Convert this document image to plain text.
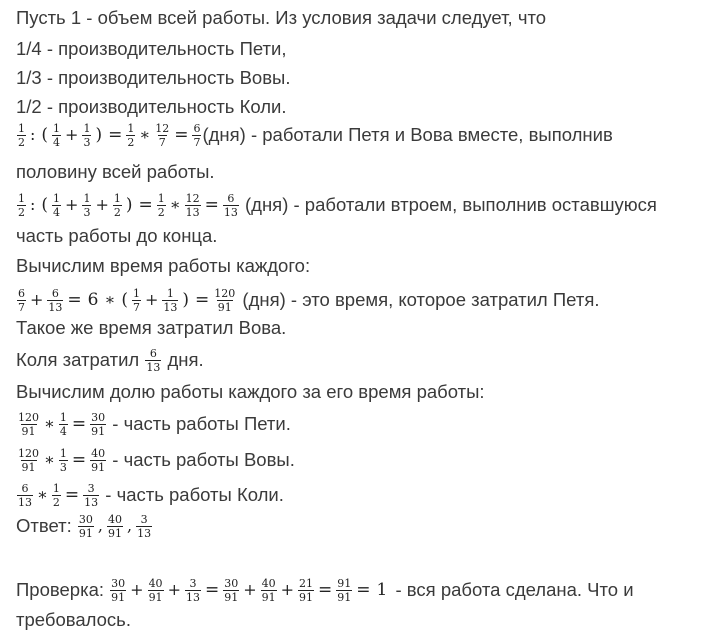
Пусть 1 - объем всей работы. Из условия задачи следует, что
1/4 - производительность Пети,
1/3 - производительность Вовы.
1/2 - производительность Коли.
$\frac{1}{2}$ : ( $\frac{1}{4} + \frac{1}{3}$ ) = $\frac{1}{2}$ ∗ $\frac{12}{7} = \frac{6}{7} (дня)$ - работали Петя и Вова вместе, выполнив
половину всей работы.
$\frac{1}{2}$ : ( $\frac{1}{4} + \frac{1}{3} + \frac{1}{2}$ ) = $\frac{1}{2}$ ∗ $\frac{12}{13} = \frac{6}{13} (дня)$ - работали втроем, выполнив оставшуюся
часть работы до конца.
Вычислим время работы каждого:
$\frac{6}{7} + \frac{6}{13} = 6$ ∗ ( $\frac{1}{7} + \frac{1}{13}$ ) = $\frac{120}{91} (дня)$ - это время, которое затратил Петя.
Такое же время затратил Вова.
Коля затратил $\frac{6}{13}$ дня.
Вычислим долю работы каждого за его время работы:
$\frac{120}{91}$ ∗ $\frac{1}{4} = \frac{30}{91}$ - часть работы Пети.
$\frac{120}{91}$ ∗ $\frac{1}{3} = \frac{40}{91}$ - часть работы Вовы.
$\frac{6}{13}$ ∗ $\frac{1}{2} = \frac{3}{13}$ - часть работы Коли.
Ответ: $\frac{30}{91}$ , $\frac{40}{91}$ , $\frac{3}{13}$
Проверка: $\frac{30}{91} + \frac{40}{91} + \frac{3}{13} = \frac{30}{91} + \frac{40}{91} + \frac{21}{91} = \frac{91}{91} = 1$ - вся работа сделана. Что и
требовалось.
